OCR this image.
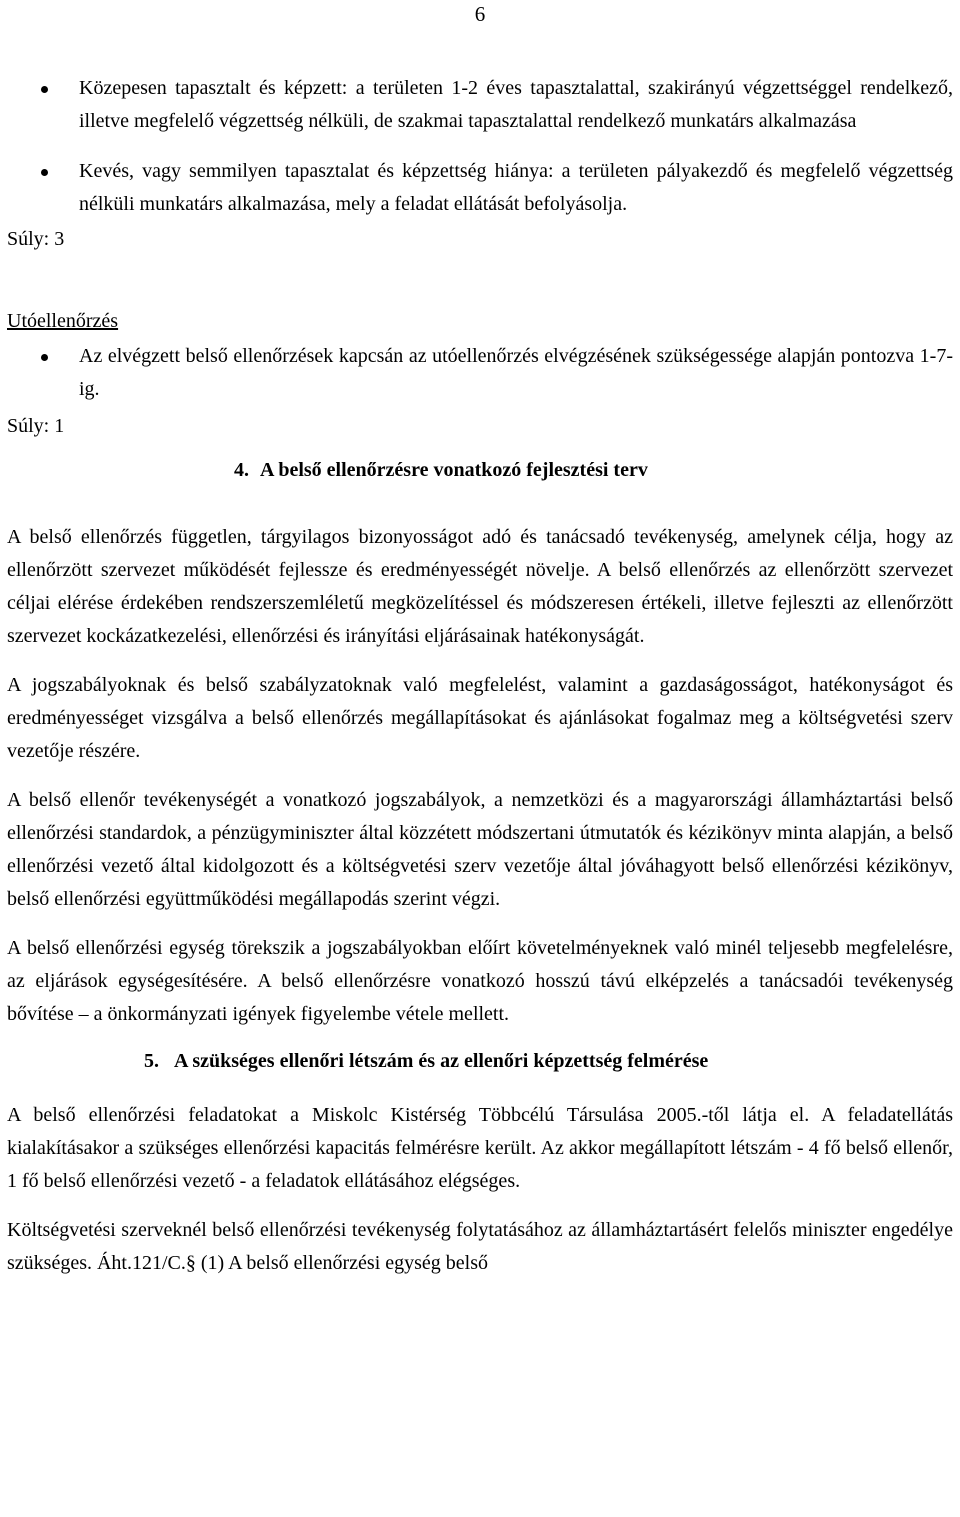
6
Közepesen tapasztalt és képzett: a területen 1-2 éves tapasztalattal, szakirányú végzettséggel rendelkező, illetve megfelelő végzettség nélküli, de szakmai tapasztalattal rendelkező munkatárs alkalmazása
Kevés, vagy semmilyen tapasztalat és képzettség hiánya: a területen pályakezdő és megfelelő végzettség nélküli munkatárs alkalmazása, mely a feladat ellátását befolyásolja.
Súly: 3
Utóellenőrzés
Az elvégzett belső ellenőrzések kapcsán az utóellenőrzés elvégzésének szükségessége alapján pontozva 1-7-ig.
Súly: 1
4. A belső ellenőrzésre vonatkozó fejlesztési terv

A belső ellenőrzés független, tárgyilagos bizonyosságot adó és tanácsadó tevékenység, amelynek célja, hogy az ellenőrzött szervezet működését fejlessze és eredményességét növelje. A belső ellenőrzés az ellenőrzött szervezet céljai elérése érdekében rendszerszemléletű megközelítéssel és módszeresen értékeli, illetve fejleszti az ellenőrzött szervezet kockázatkezelési, ellenőrzési és irányítási eljárásainak hatékonyságát.

A jogszabályoknak és belső szabályzatoknak való megfelelést, valamint a gazdaságosságot, hatékonyságot és eredményességet vizsgálva a belső ellenőrzés megállapításokat és ajánlásokat fogalmaz meg a költségvetési szerv vezetője részére.

A belső ellenőr tevékenységét a vonatkozó jogszabályok, a nemzetközi és a magyarországi államháztartási belső ellenőrzési standardok, a pénzügyminiszter által közzétett módszertani útmutatók és kézikönyv minta alapján, a belső ellenőrzési vezető által kidolgozott és a költségvetési szerv vezetője által jóváhagyott belső ellenőrzési kézikönyv, belső ellenőrzési együttműködési megállapodás szerint végzi.

A belső ellenőrzési egység törekszik a jogszabályokban előírt követelményeknek való minél teljesebb megfelelésre, az eljárások egységesítésére. A belső ellenőrzésre vonatkozó hosszú távú elképzelés a tanácsadói tevékenység bővítése – a önkormányzati igények figyelembe vétele mellett.

5. A szükséges ellenőri létszám és az ellenőri képzettség felmérése

A belső ellenőrzési feladatokat a Miskolc Kistérség Többcélú Társulása 2005.-től látja el. A feladatellátás kialakításakor a szükséges ellenőrzési kapacitás felmérésre került. Az akkor megállapított létszám - 4 fő belső ellenőr, 1 fő belső ellenőrzési vezető - a feladatok ellátásához elégséges.

Költségvetési szerveknél belső ellenőrzési tevékenység folytatásához az államháztartásért felelős miniszter engedélye szükséges. Áht.121/C.§ (1) A belső ellenőrzési egység belső
